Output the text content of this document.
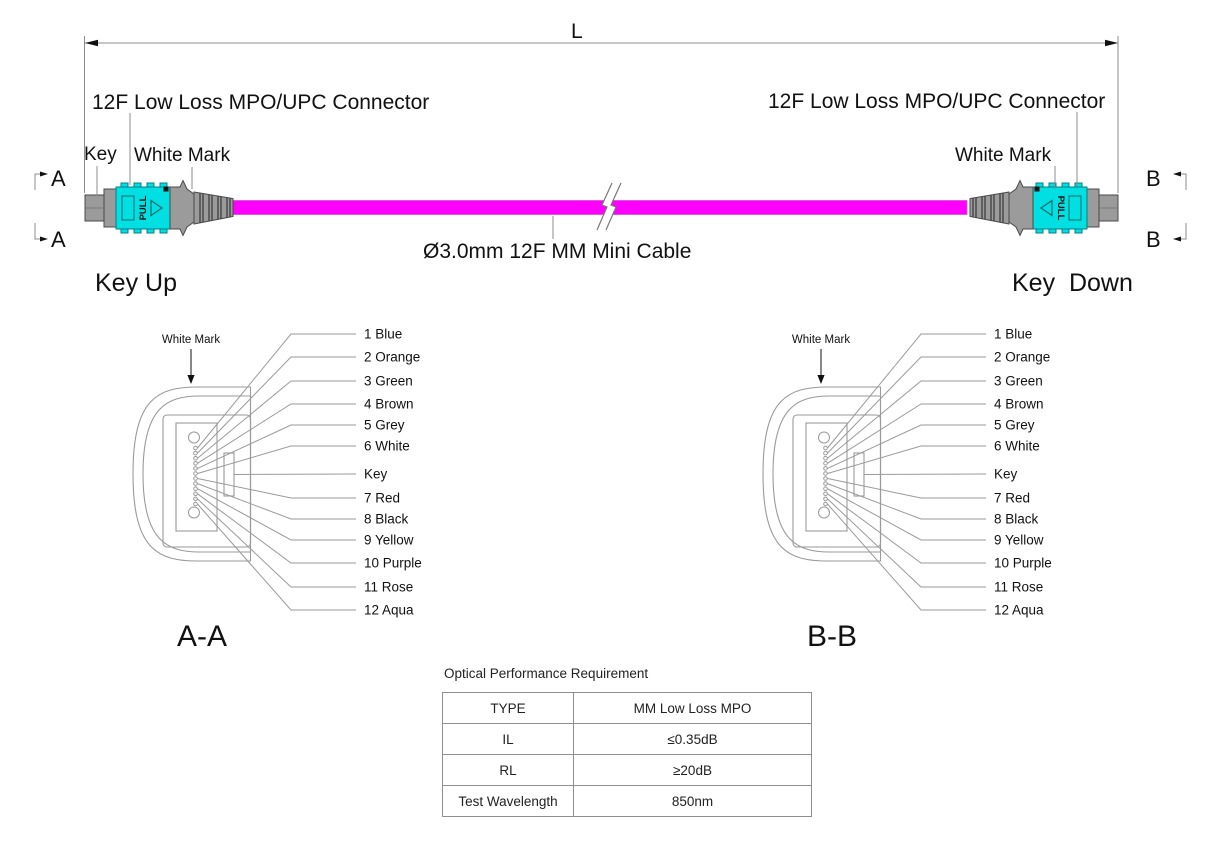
L
Ø3.0mm 12F MM Mini Cable
PULL	PULL
12F Low Loss MPO/UPC Connector
Key White Mark
Key Up
A
A
12F Low Loss MPO/UPC Connector
White Mark
Key  Down
B
B
White Mark	1 Blue
2 Orange
3 Green
4 Brown
5 Grey
6 White
Key
7 Red
8 Black
9 Yellow
10 Purple
11 Rose
12 Aqua
A-A
White Mark	1 Blue
2 Orange
3 Green
4 Brown
5 Grey
6 White
Key
7 Red
8 Black
9 Yellow
10 Purple
11 Rose
12 Aqua
B-B
Optical Performance Requirement
TYPE	MM Low Loss MPO
IL	≤0.35dB
RL	≥20dB
Test Wavelength	850nm
